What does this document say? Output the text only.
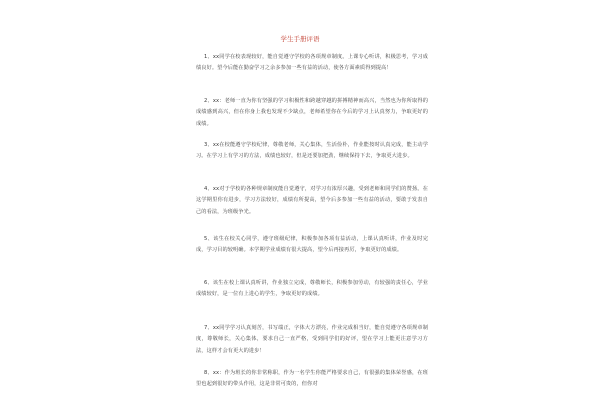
学生手册评语

1、xx同学在校表现较好，能自觉遵守学校的各项规章制度。上课专心听讲，积极思考，学习成绩良好。望今后能在勤奋学习之余多参加一些有益的活动，使各方面素质得到提高！

2、xx：老师一直为你有坚强的学习积极性和跨越穿越的拼搏精神而高兴，当然也为你所取得的成绩感到高兴，但在你身上我也发现不少缺点，老师希望你在今后的学习上认真努力，争取更好的成绩。

3、xx在校能遵守学校纪律，尊敬老师，关心集体，生活俭朴，作业能按时认真完成，能主动学习。在学习上有学习的方法，成绩也较好，但是还要加把劲，继续保持下去，争取更大进步。

4、xx对于学校的各种规章制度能自觉遵守，对学习有浓厚兴趣，受到老师和同学们的赞扬。在这学期里你有进步，学习方法较好，成绩有所提高，望今后多参加一些有益的活动，要敢于发表自己的看法，为班级争光。

5、该生在校关心同学，遵守班级纪律，积极参加各项有益活动，上课认真听讲，作业及时完成，学习目的较明确。本学期学业成绩有很大提高，望今后再接再厉，争取更好的成绩。

6、该生在校上课认真听讲，作业独立完成，尊敬师长，积极参加劳动，有较强的责任心，学业成绩较好，是一位有上进心的学生，争取更好的成绩。

7、xx同学学习认真刻苦，书写端正，字体大方漂亮，作业完成相当好，能自觉遵守各项规章制度，尊敬师长，关心集体，要求自己一直严格，受到同学们的好评，望在学习上能更注意学习方法，这样才会有更大的进步！

8、xx：作为班长的你非常称职，作为一名学生你能严格要求自己，有很强的集体荣誉感，在班里也起到很好的带头作用，这是非常可贵的，但你对
